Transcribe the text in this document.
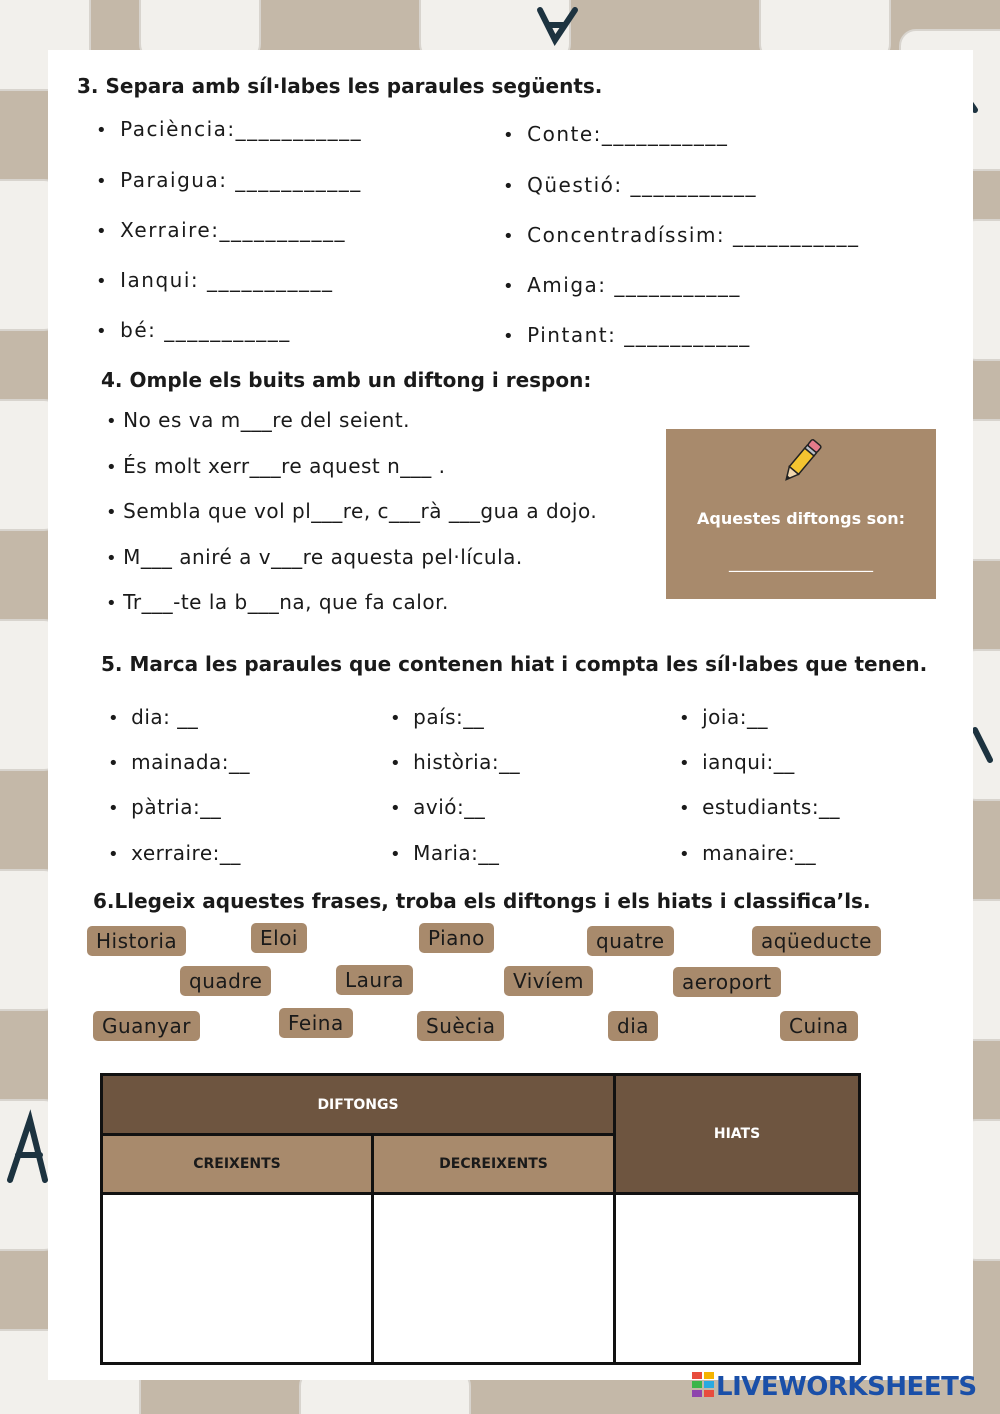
3. Separa amb síl·labes les paraules següents.
• Paciència:___________
• Paraigua: ___________
• Xerraire:___________
• Ianqui: ___________
• bé: ___________
• Conte:___________
• Qüestió: ___________
• Concentradíssim: ___________
• Amiga: ___________
• Pintant: ___________
4. Omple els buits amb un diftong i respon:
• No es va m___re del seient.
• És molt xerr___re aquest n___ .
• Sembla que vol pl___re, c___rà ___gua a dojo.
• M___ aniré a v___re aquesta pel·lícula.
• Tr___-te la b___na, que fa calor.
Aquestes diftongs son:
__________________
5. Marca les paraules que contenen hiat i compta les síl·labes que tenen.
• dia: __
• mainada:__
• pàtria:__
• xerraire:__
• país:__
• història:__
• avió:__
• Maria:__
• joia:__
• ianqui:__
• estudiants:__
• manaire:__
6.Llegeix aquestes frases, troba els diftongs i els hiats i classifica’ls.
Historia	Eloi	Piano	quatre	aqüeducte
quadre	Laura	Vivíem	aeroport
Guanyar	Feina	Suècia	dia	Cuina
DIFTONGS		HIATS
CREIXENTS	DECREIXENTS	

LIVEWORKSHEETS
